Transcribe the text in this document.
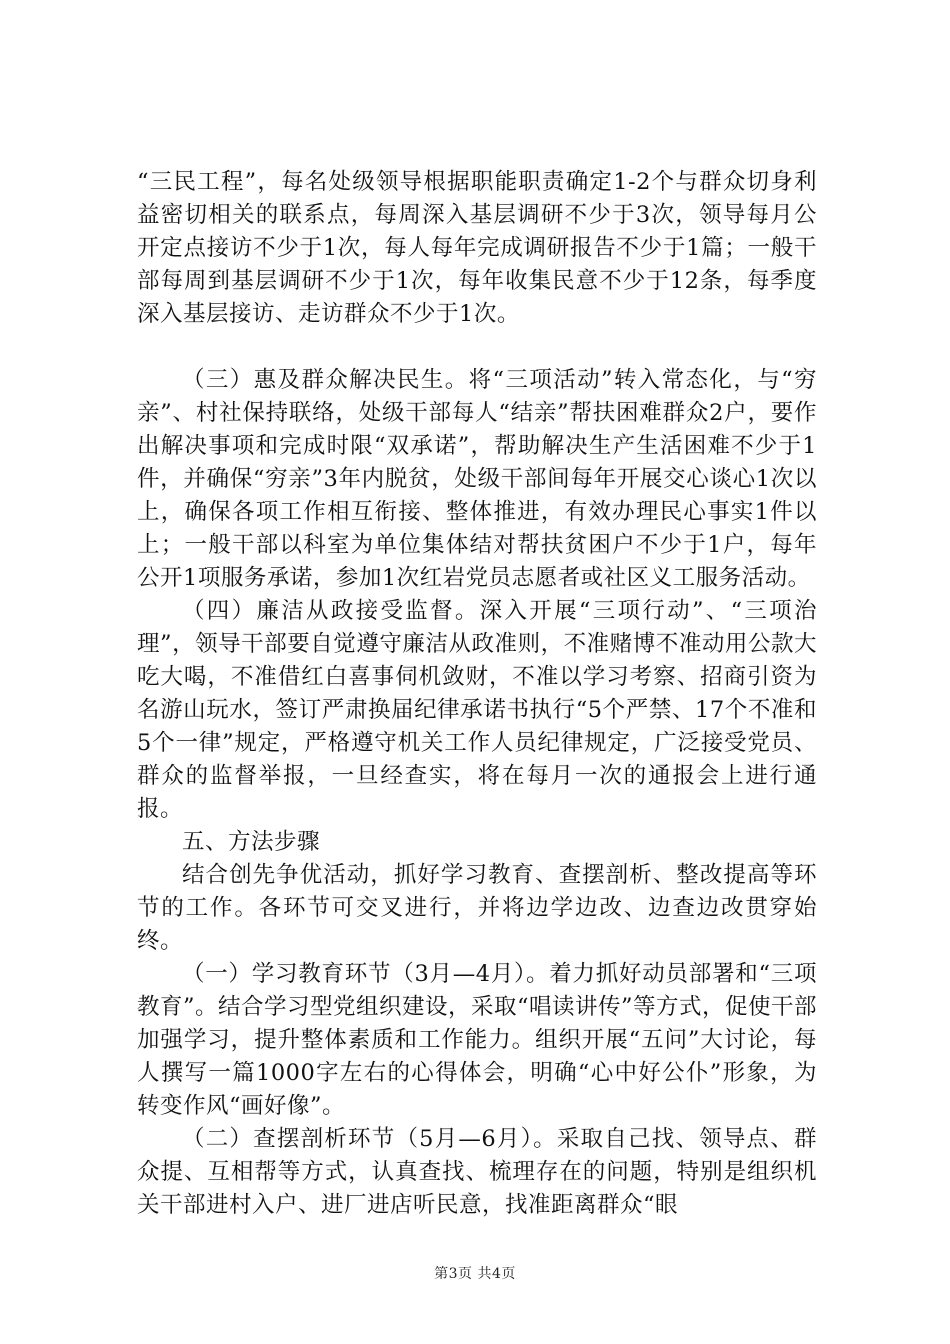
“三民工程”，每名处级领导根据职能职责确定1-2个与群众切身利益密切相关的联系点，每周深入基层调研不少于3次，领导每月公开定点接访不少于1次，每人每年完成调研报告不少于1篇；一般干部每周到基层调研不少于1次，每年收集民意不少于12条，每季度深入基层接访、走访群众不少于1次。

（三）惠及群众解决民生。将“三项活动”转入常态化，与“穷亲”、村社保持联络，处级干部每人“结亲”帮扶困难群众2户，要作出解决事项和完成时限“双承诺”，帮助解决生产生活困难不少于1件，并确保“穷亲”3年内脱贫，处级干部间每年开展交心谈心1次以上，确保各项工作相互衔接、整体推进，有效办理民心事实1件以上；一般干部以科室为单位集体结对帮扶贫困户不少于1户，每年公开1项服务承诺，参加1次红岩党员志愿者或社区义工服务活动。

（四）廉洁从政接受监督。深入开展“三项行动”、“三项治理”，领导干部要自觉遵守廉洁从政准则，不准赌博不准动用公款大吃大喝，不准借红白喜事伺机敛财，不准以学习考察、招商引资为名游山玩水，签订严肃换届纪律承诺书执行“5个严禁、17个不准和5个一律”规定，严格遵守机关工作人员纪律规定，广泛接受党员、群众的监督举报，一旦经查实，将在每月一次的通报会上进行通报。

五、方法步骤

结合创先争优活动，抓好学习教育、查摆剖析、整改提高等环节的工作。各环节可交叉进行，并将边学边改、边查边改贯穿始终。

（一）学习教育环节（3月—4月）。着力抓好动员部署和“三项教育”。结合学习型党组织建设，采取“唱读讲传”等方式，促使干部加强学习，提升整体素质和工作能力。组织开展“五问”大讨论，每人撰写一篇1000字左右的心得体会，明确“心中好公仆”形象，为转变作风“画好像”。

（二）查摆剖析环节（5月—6月）。采取自己找、领导点、群众提、互相帮等方式，认真查找、梳理存在的问题，特别是组织机关干部进村入户、进厂进店听民意，找准距离群众“眼

第3页 共4页
